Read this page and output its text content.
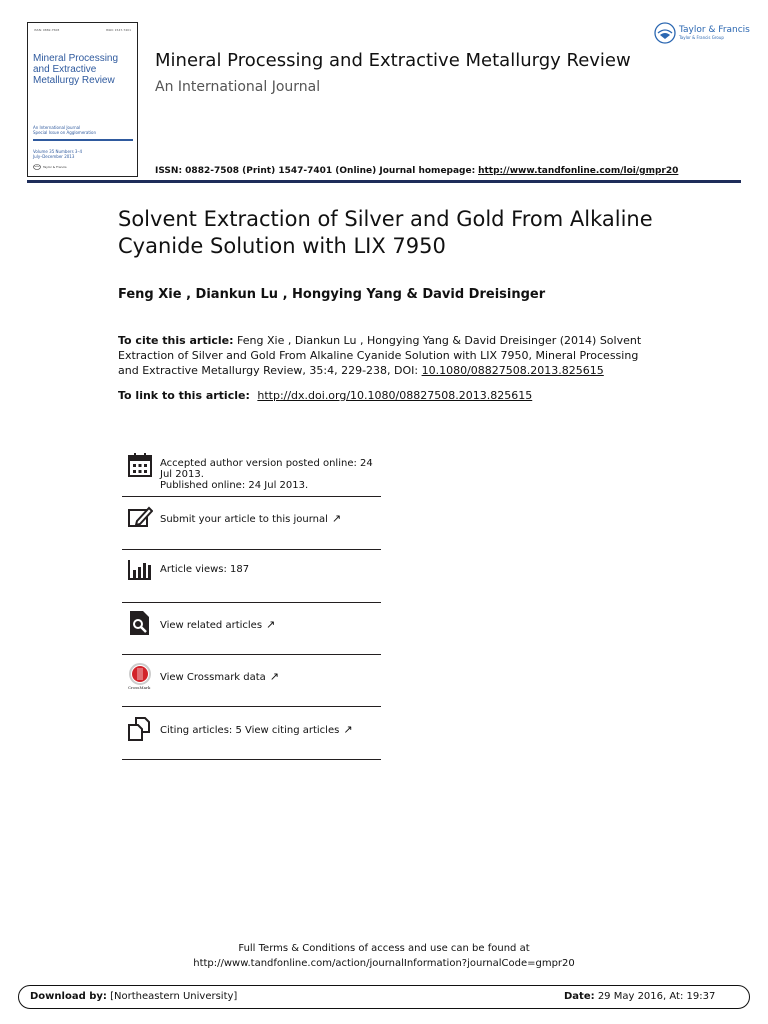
ISSN: 0882-7508	ISSN: 1547-7401
Mineral Processing and Extractive Metallurgy Review
An International Journal
Special Issue on Agglomeration
Volume 35 Numbers 3–4
July–December 2013
Taylor & Francis
Mineral Processing and Extractive Metallurgy Review
An International Journal
ISSN: 0882-7508 (Print) 1547-7401 (Online) Journal homepage: http://www.tandfonline.com/loi/gmpr20
Taylor & Francis
Taylor & Francis Group
Solvent Extraction of Silver and Gold From Alkaline Cyanide Solution with LIX 7950
Feng Xie , Diankun Lu , Hongying Yang & David Dreisinger
To cite this article: Feng Xie , Diankun Lu , Hongying Yang & David Dreisinger (2014) Solvent Extraction of Silver and Gold From Alkaline Cyanide Solution with LIX 7950, Mineral Processing and Extractive Metallurgy Review, 35:4, 229-238, DOI: 10.1080/08827508.2013.825615
To link to this article: http://dx.doi.org/10.1080/08827508.2013.825615
Accepted author version posted online: 24 Jul 2013.
Published online: 24 Jul 2013.
Submit your article to this journal ↗
Article views: 187
View related articles ↗
View Crossmark data ↗
CrossMark
Citing articles: 5 View citing articles ↗
Full Terms & Conditions of access and use can be found at
http://www.tandfonline.com/action/journalInformation?journalCode=gmpr20
Download by: [Northeastern University]	Date: 29 May 2016, At: 19:37
